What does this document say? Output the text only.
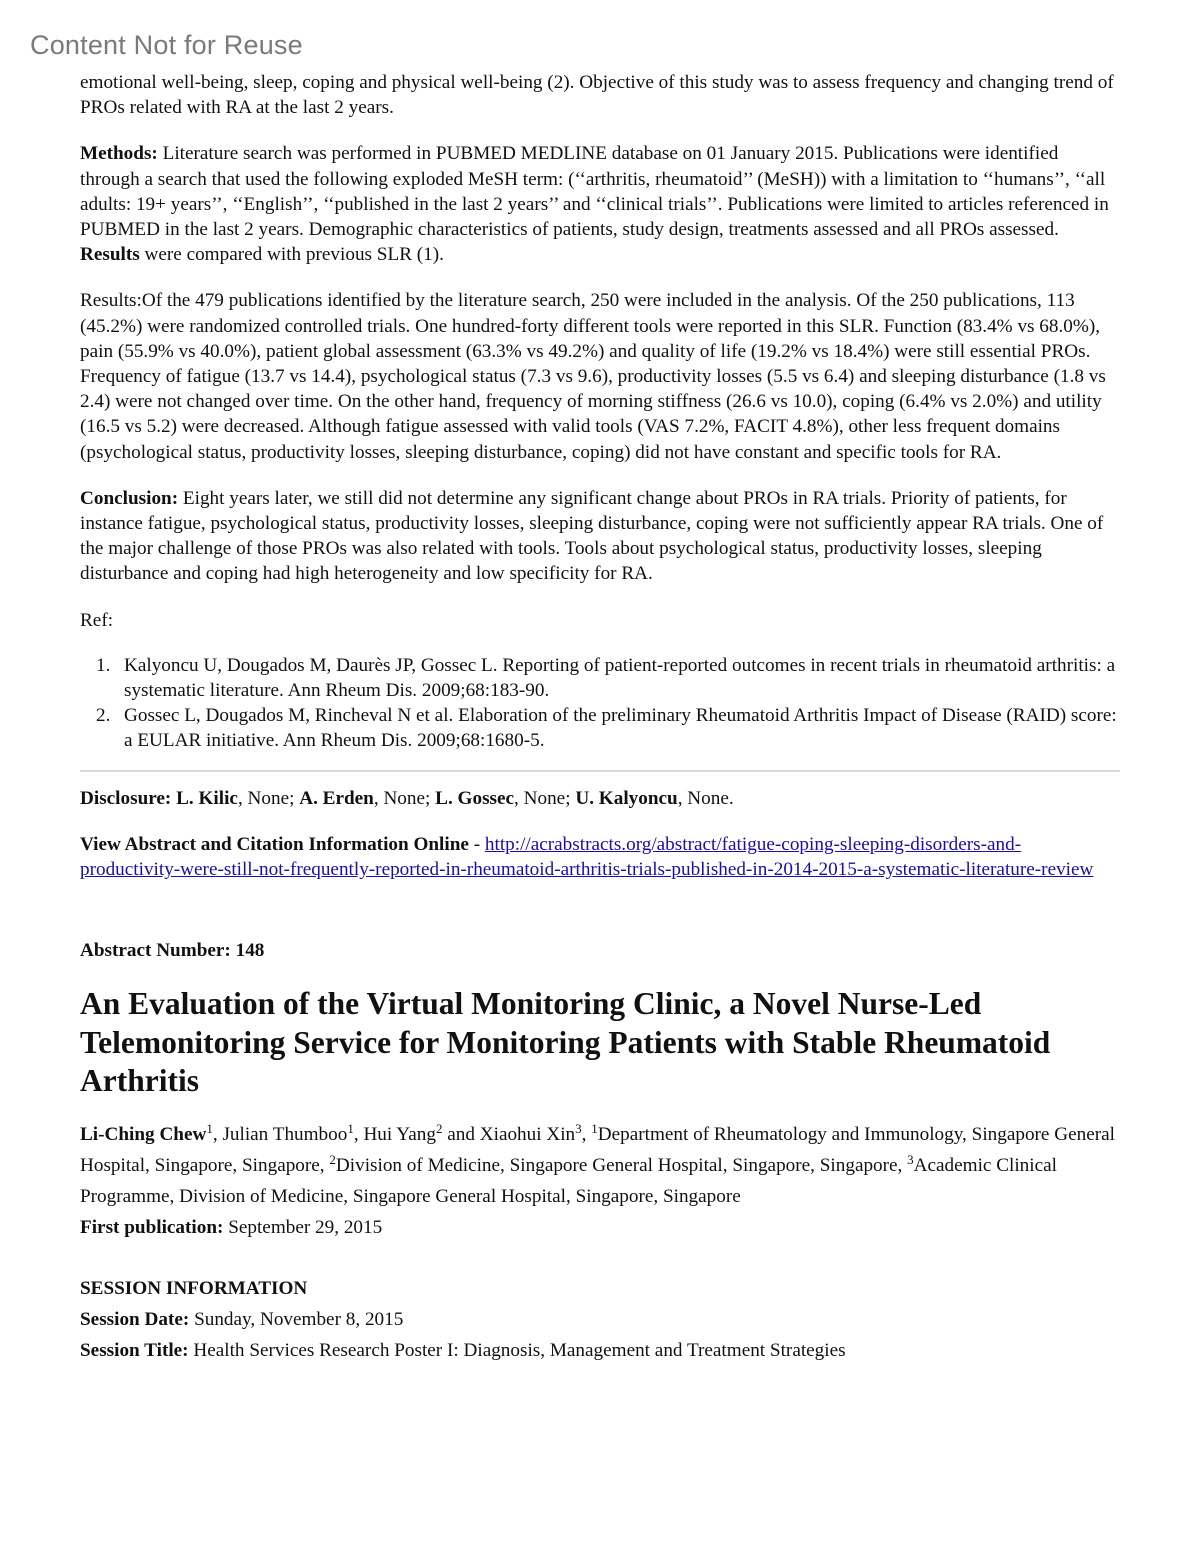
Content Not for Reuse

emotional well-being, sleep, coping and physical well-being (2). Objective of this study was to assess frequency and changing trend of PROs related with RA at the last 2 years.

Methods: Literature search was performed in PUBMED MEDLINE database on 01 January 2015. Publications were identified through a search that used the following exploded MeSH term: (‘‘arthritis, rheumatoid’’ (MeSH)) with a limitation to ‘‘humans’’, ‘‘all adults: 19+ years’’, ‘‘English’’, ‘‘published in the last 2 years’’ and ‘‘clinical trials’’. Publications were limited to articles referenced in PUBMED in the last 2 years. Demographic characteristics of patients, study design, treatments assessed and all PROs assessed. Results were compared with previous SLR (1).

Results:Of the 479 publications identified by the literature search, 250 were included in the analysis. Of the 250 publications, 113 (45.2%) were randomized controlled trials. One hundred-forty different tools were reported in this SLR. Function (83.4% vs 68.0%), pain (55.9% vs 40.0%), patient global assessment (63.3% vs 49.2%) and quality of life (19.2% vs 18.4%) were still essential PROs. Frequency of fatigue (13.7 vs 14.4), psychological status (7.3 vs 9.6), productivity losses (5.5 vs 6.4) and sleeping disturbance (1.8 vs 2.4) were not changed over time. On the other hand, frequency of morning stiffness (26.6 vs 10.0), coping (6.4% vs 2.0%) and utility (16.5 vs 5.2) were decreased. Although fatigue assessed with valid tools (VAS 7.2%, FACIT 4.8%), other less frequent domains (psychological status, productivity losses, sleeping disturbance, coping) did not have constant and specific tools for RA.

Conclusion: Eight years later, we still did not determine any significant change about PROs in RA trials. Priority of patients, for instance fatigue, psychological status, productivity losses, sleeping disturbance, coping were not sufficiently appear RA trials. One of the major challenge of those PROs was also related with tools. Tools about psychological status, productivity losses, sleeping disturbance and coping had high heterogeneity and low specificity for RA.

Ref:

1. Kalyoncu U, Dougados M, Daurès JP, Gossec L. Reporting of patient-reported outcomes in recent trials in rheumatoid arthritis: a systematic literature. Ann Rheum Dis. 2009;68:183-90.
2. Gossec L, Dougados M, Rincheval N et al. Elaboration of the preliminary Rheumatoid Arthritis Impact of Disease (RAID) score: a EULAR initiative. Ann Rheum Dis. 2009;68:1680-5.

Disclosure: L. Kilic, None; A. Erden, None; L. Gossec, None; U. Kalyoncu, None.

View Abstract and Citation Information Online - http://acrabstracts.org/abstract/fatigue-coping-sleeping-disorders-and-productivity-were-still-not-frequently-reported-in-rheumatoid-arthritis-trials-published-in-2014-2015-a-systematic-literature-review

Abstract Number: 148

An Evaluation of the Virtual Monitoring Clinic, a Novel Nurse-Led Telemonitoring Service for Monitoring Patients with Stable Rheumatoid Arthritis
Li-Ching Chew$^1$, Julian Thumboo$^1$, Hui Yang$^2$ and Xiaohui Xin$^3$, $^1$Department of Rheumatology and Immunology, Singapore General Hospital, Singapore, Singapore, $^2$Division of Medicine, Singapore General Hospital, Singapore, Singapore, $^3$Academic Clinical Programme, Division of Medicine, Singapore General Hospital, Singapore, Singapore
First publication: September 29, 2015
SESSION INFORMATION
Session Date: Sunday, November 8, 2015
Session Title: Health Services Research Poster I: Diagnosis, Management and Treatment Strategies
